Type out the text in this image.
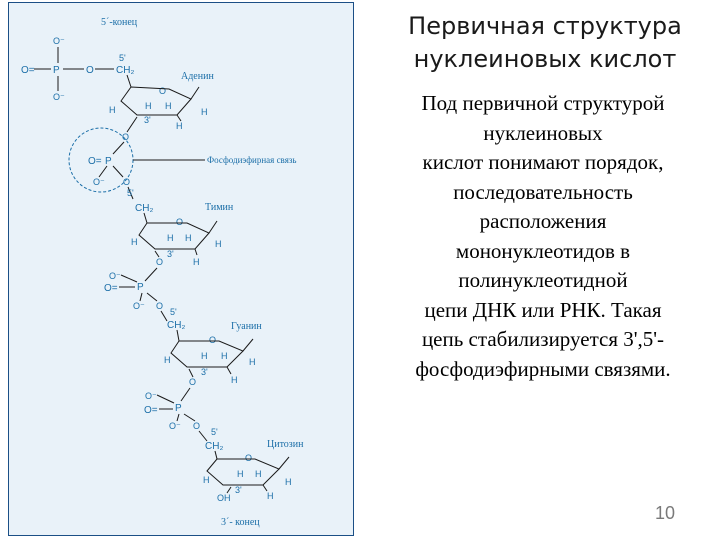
5´-конец
O⁻
O= P	O
O⁻
5'
CH₂
O
Аденин
H	H H
H
3'
H
Фосфодиэфирная связь
O
O= P
O⁻ O
5'
CH₂
O
Тимин
H	H H
H
3'
H
O
O⁻
O= P
O⁻ O
5'
CH₂
O
Гуанин
H	H H
H
3'
H
O
O⁻
O= P
O⁻ O
5'
CH₂
O
Цитозин
H
H H
H
3'
OH	H
3´- конец
Первичная структура
нуклеиновых кислот
Под первичной структурой
нуклеиновых
кислот понимают порядок,
последовательность
расположения
мононуклеотидов в
полинуклеотидной
цепи ДНК или РНК. Такая
цепь стабилизируется 3',5'-
фосфодиэфирными связями.
10
